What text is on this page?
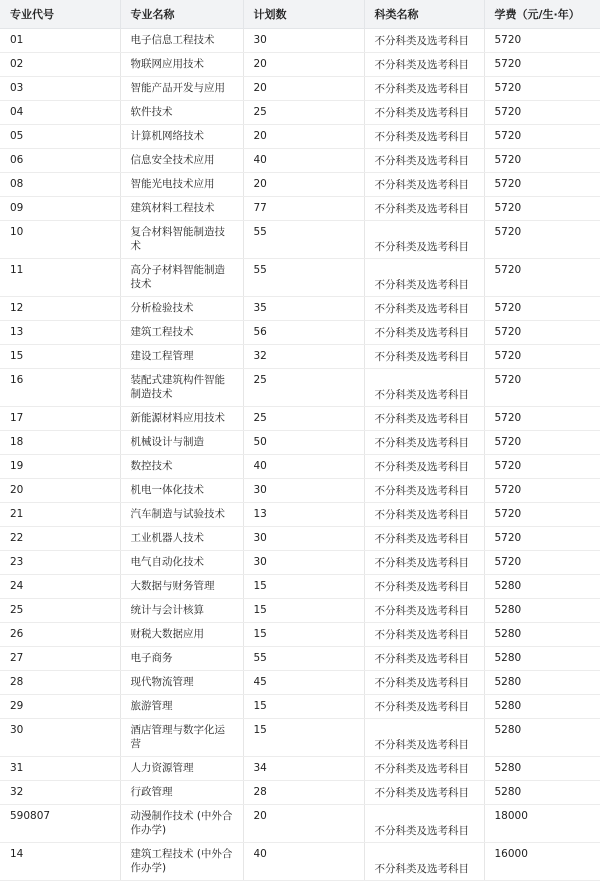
专业代号	专业名称	计划数	科类名称	学费（元/生·年）
01	电子信息工程技术	30	不分科类及选考科目	5720
02	物联网应用技术	20	不分科类及选考科目	5720
03	智能产品开发与应用	20	不分科类及选考科目	5720
04	软件技术	25	不分科类及选考科目	5720
05	计算机网络技术	20	不分科类及选考科目	5720
06	信息安全技术应用	40	不分科类及选考科目	5720
08	智能光电技术应用	20	不分科类及选考科目	5720
09	建筑材料工程技术	77	不分科类及选考科目	5720
10	复合材料智能制造技术	55	不分科类及选考科目	5720
11	高分子材料智能制造技术	55	不分科类及选考科目	5720
12	分析检验技术	35	不分科类及选考科目	5720
13	建筑工程技术	56	不分科类及选考科目	5720
15	建设工程管理	32	不分科类及选考科目	5720
16	装配式建筑构件智能制造技术	25	不分科类及选考科目	5720
17	新能源材料应用技术	25	不分科类及选考科目	5720
18	机械设计与制造	50	不分科类及选考科目	5720
19	数控技术	40	不分科类及选考科目	5720
20	机电一体化技术	30	不分科类及选考科目	5720
21	汽车制造与试验技术	13	不分科类及选考科目	5720
22	工业机器人技术	30	不分科类及选考科目	5720
23	电气自动化技术	30	不分科类及选考科目	5720
24	大数据与财务管理	15	不分科类及选考科目	5280
25	统计与会计核算	15	不分科类及选考科目	5280
26	财税大数据应用	15	不分科类及选考科目	5280
27	电子商务	55	不分科类及选考科目	5280
28	现代物流管理	45	不分科类及选考科目	5280
29	旅游管理	15	不分科类及选考科目	5280
30	酒店管理与数字化运营	15	不分科类及选考科目	5280
31	人力资源管理	34	不分科类及选考科目	5280
32	行政管理	28	不分科类及选考科目	5280
590807	动漫制作技术 (中外合作办学)	20	不分科类及选考科目	18000
14	建筑工程技术 (中外合作办学)	40	不分科类及选考科目	16000
